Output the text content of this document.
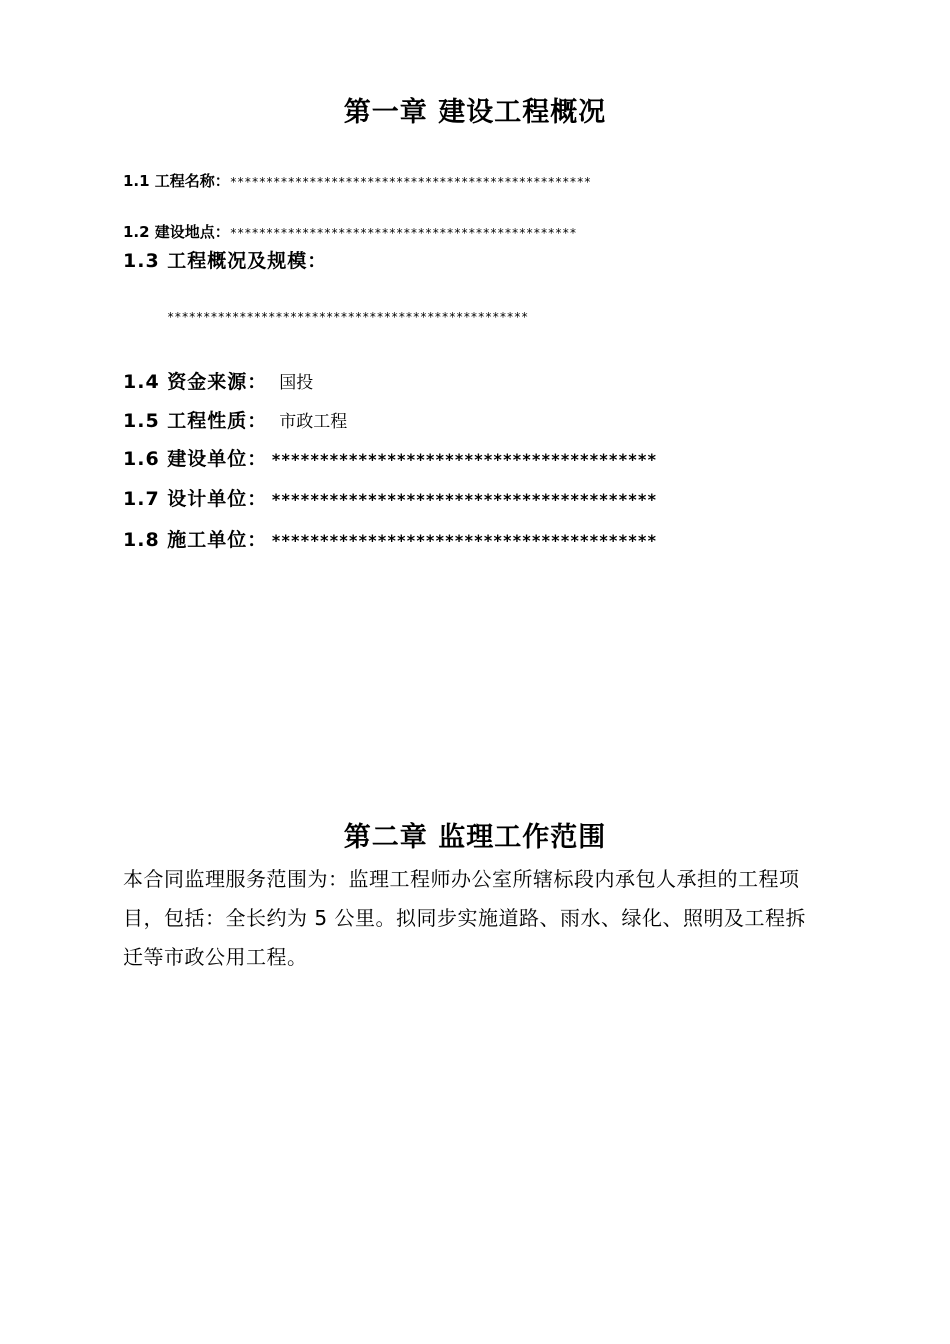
第一章 建设工程概况
1.1 工程名称：**************************************************
1.2 建设地点：************************************************
1.3 工程概况及规模：
**************************************************
1.4 资金来源： 国投
1.5 工程性质： 市政工程
1.6 建设单位： ****************************************
1.7 设计单位： ****************************************
1.8 施工单位： ****************************************
第二章 监理工作范围
本合同监理服务范围为：监理工程师办公室所辖标段内承包人承担的工程项目，包括：全长约为 5 公里。拟同步实施道路、雨水、绿化、照明及工程拆迁等市政公用工程。
